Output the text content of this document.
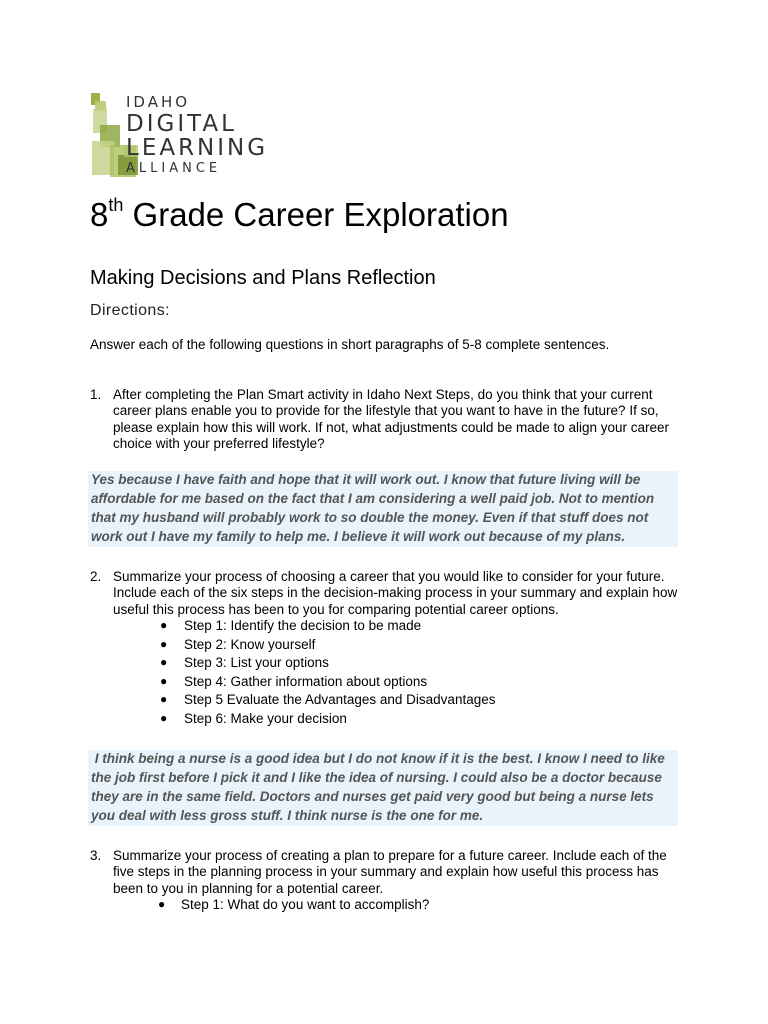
IDAHO
DIGITAL
LEARNING
ALLIANCE
8th Grade Career Exploration
Making Decisions and Plans Reflection
Directions:
Answer each of the following questions in short paragraphs of 5-8 complete sentences.
1. After completing the Plan Smart activity in Idaho Next Steps, do you think that your current career plans enable you to provide for the lifestyle that you want to have in the future? If so, please explain how this will work. If not, what adjustments could be made to align your career choice with your preferred lifestyle?
Yes because I have faith and hope that it will work out. I know that future living will be affordable for me based on the fact that I am considering a well paid job. Not to mention that my husband will probably work to so double the money. Even if that stuff does not work out I have my family to help me. I believe it will work out because of my plans.
2. Summarize your process of choosing a career that you would like to consider for your future. Include each of the six steps in the decision-making process in your summary and explain how useful this process has been to you for comparing potential career options.
● Step 1: Identify the decision to be made
● Step 2: Know yourself
● Step 3: List your options
● Step 4: Gather information about options
● Step 5 Evaluate the Advantages and Disadvantages
● Step 6: Make your decision
I think being a nurse is a good idea but I do not know if it is the best. I know I need to like the job first before I pick it and I like the idea of nursing. I could also be a doctor because they are in the same field. Doctors and nurses get paid very good but being a nurse lets you deal with less gross stuff. I think nurse is the one for me.
3. Summarize your process of creating a plan to prepare for a future career. Include each of the five steps in the planning process in your summary and explain how useful this process has been to you in planning for a potential career.
● Step 1: What do you want to accomplish?
